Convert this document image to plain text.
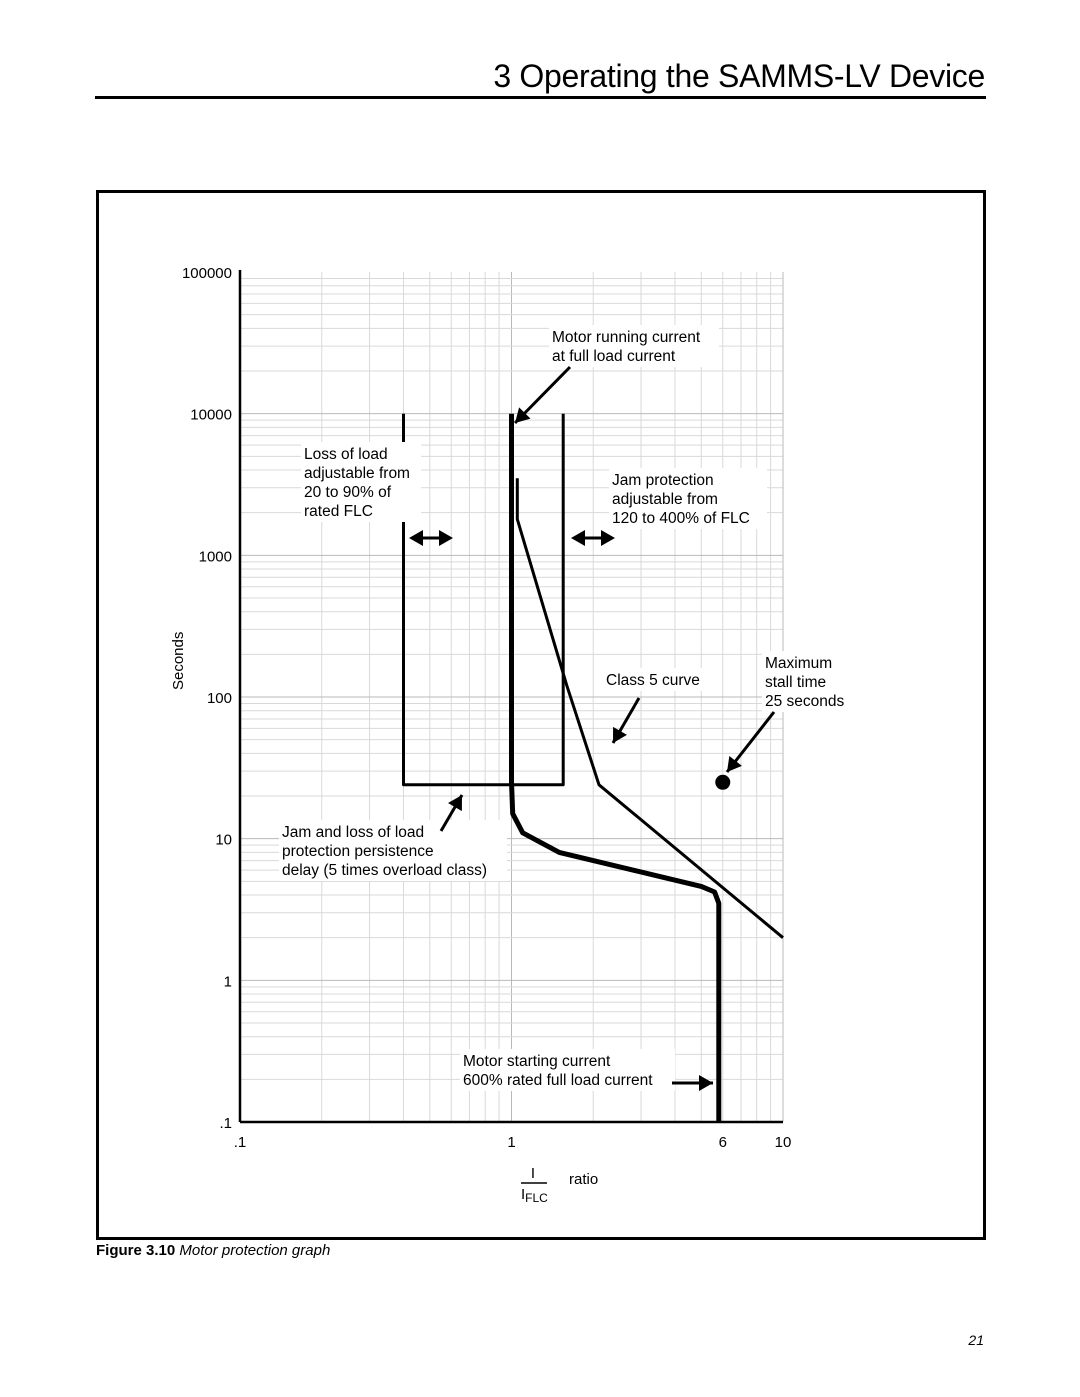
3 Operating the SAMMS-LV Device
Motor running current
at full load current
Loss of load
adjustable from
20 to 90% of
rated FLC
Jam protection
adjustable from
120 to 400% of FLC
Class 5 curve
Maximum
stall time
25 seconds
Jam and loss of load
protection persistence
delay (5 times overload class)
Motor starting current
600% rated full load current
100000
10000
1000
100
10
1
.1
.1	1	6	10
Seconds
I
$I_{FLC}$
ratio
Figure 3.10 Motor protection graph
21
